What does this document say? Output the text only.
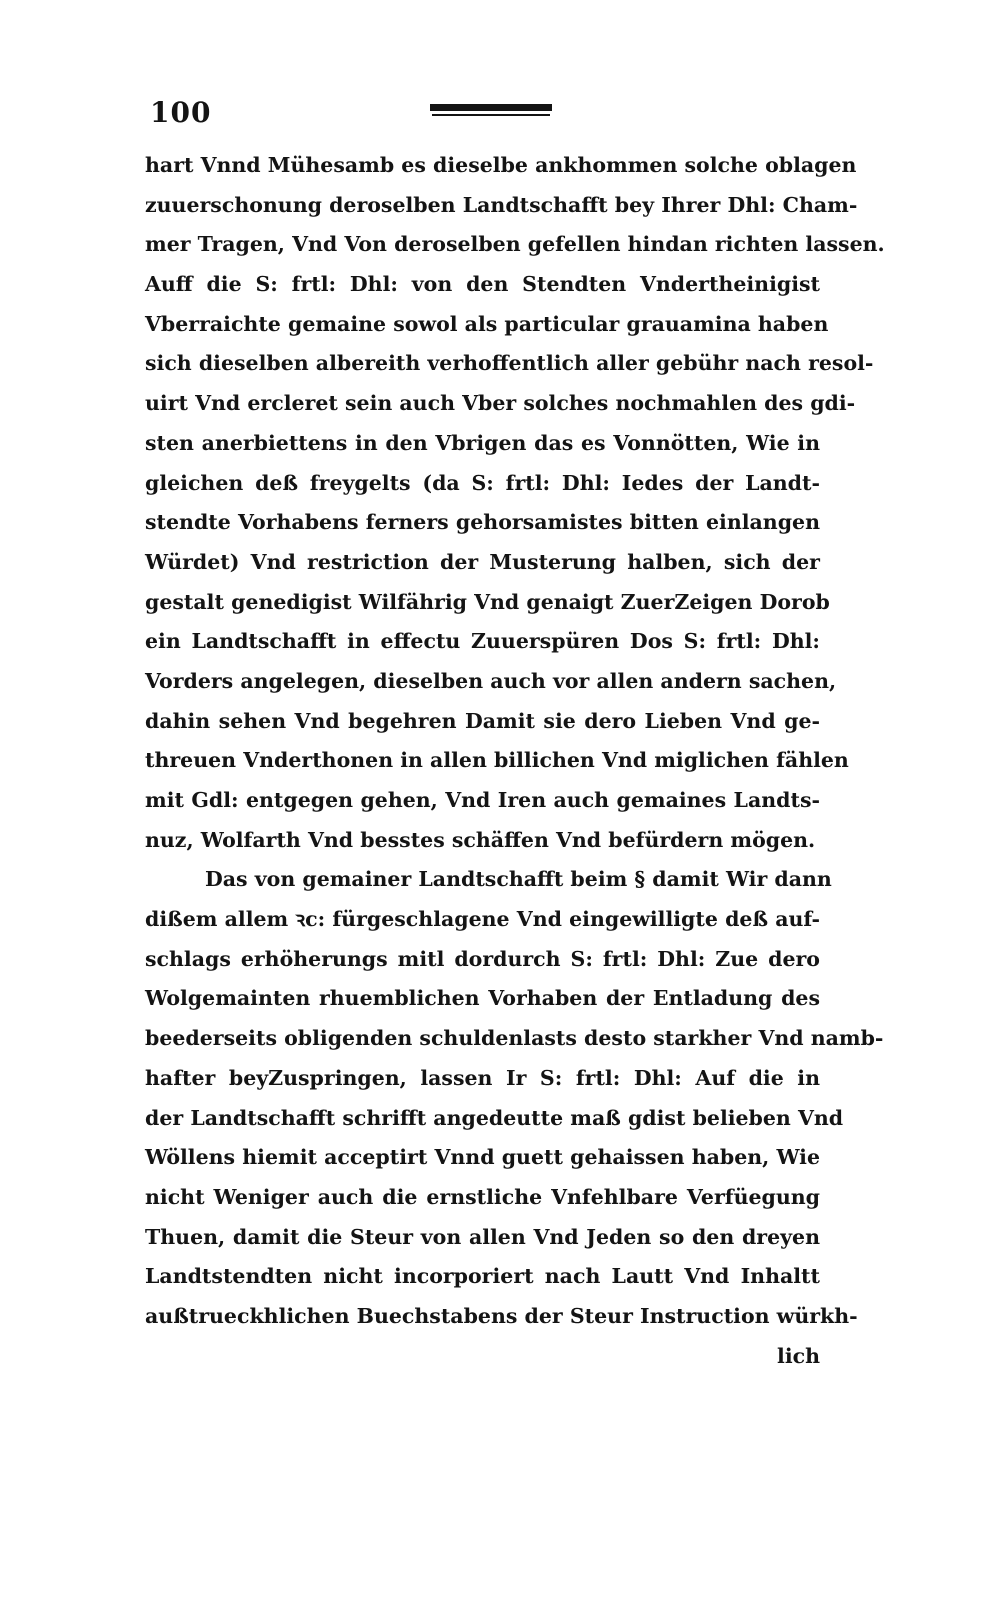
100
hart Vnnd Mühesamb es dieselbe ankhommen solche oblagen
zuuerschonung deroselben Landtschafft bey Ihrer Dhl: Cham-
mer Tragen, Vnd Von deroselben gefellen hindan richten lassen.
Auff die S: frtl: Dhl: von den Stendten Vndertheinigist
Vberraichte gemaine sowol als particular grauamina haben
sich dieselben albereith verhoffentlich aller gebühr nach resol-
uirt Vnd ercleret sein auch Vber solches nochmahlen des gdi-
sten anerbiettens in den Vbrigen das es Vonnötten, Wie in
gleichen deß freygelts (da S: frtl: Dhl: Iedes der Landt-
stendte Vorhabens ferners gehorsamistes bitten einlangen
Würdet) Vnd restriction der Musterung halben, sich der
gestalt genedigist Wilfährig Vnd genaigt ZuerZeigen Dorob
ein Landtschafft in effectu Zuuerspüren Dos S: frtl: Dhl:
Vorders angelegen, dieselben auch vor allen andern sachen,
dahin sehen Vnd begehren Damit sie dero Lieben Vnd ge-
threuen Vnderthonen in allen billichen Vnd miglichen fählen
mit Gdl: entgegen gehen, Vnd Iren auch gemaines Landts-
nuz, Wolfarth Vnd besstes schäffen Vnd befürdern mögen.
Das von gemainer Landtschafft beim § damit Wir dann
dißem allem ꝛc: fürgeschlagene Vnd eingewilligte deß auf-
schlags erhöherungs mitl dordurch S: frtl: Dhl: Zue dero
Wolgemainten rhuemblichen Vorhaben der Entladung des
beederseits obligenden schuldenlasts desto starkher Vnd namb-
hafter beyZuspringen, lassen Ir S: frtl: Dhl: Auf die in
der Landtschafft schrifft angedeutte maß gdist belieben Vnd
Wöllens hiemit acceptirt Vnnd guett gehaissen haben, Wie
nicht Weniger auch die ernstliche Vnfehlbare Verfüegung
Thuen, damit die Steur von allen Vnd Jeden so den dreyen
Landtstendten nicht incorporiert nach Lautt Vnd Inhaltt
außtrueckhlichen Buechstabens der Steur Instruction würkh-
lich
